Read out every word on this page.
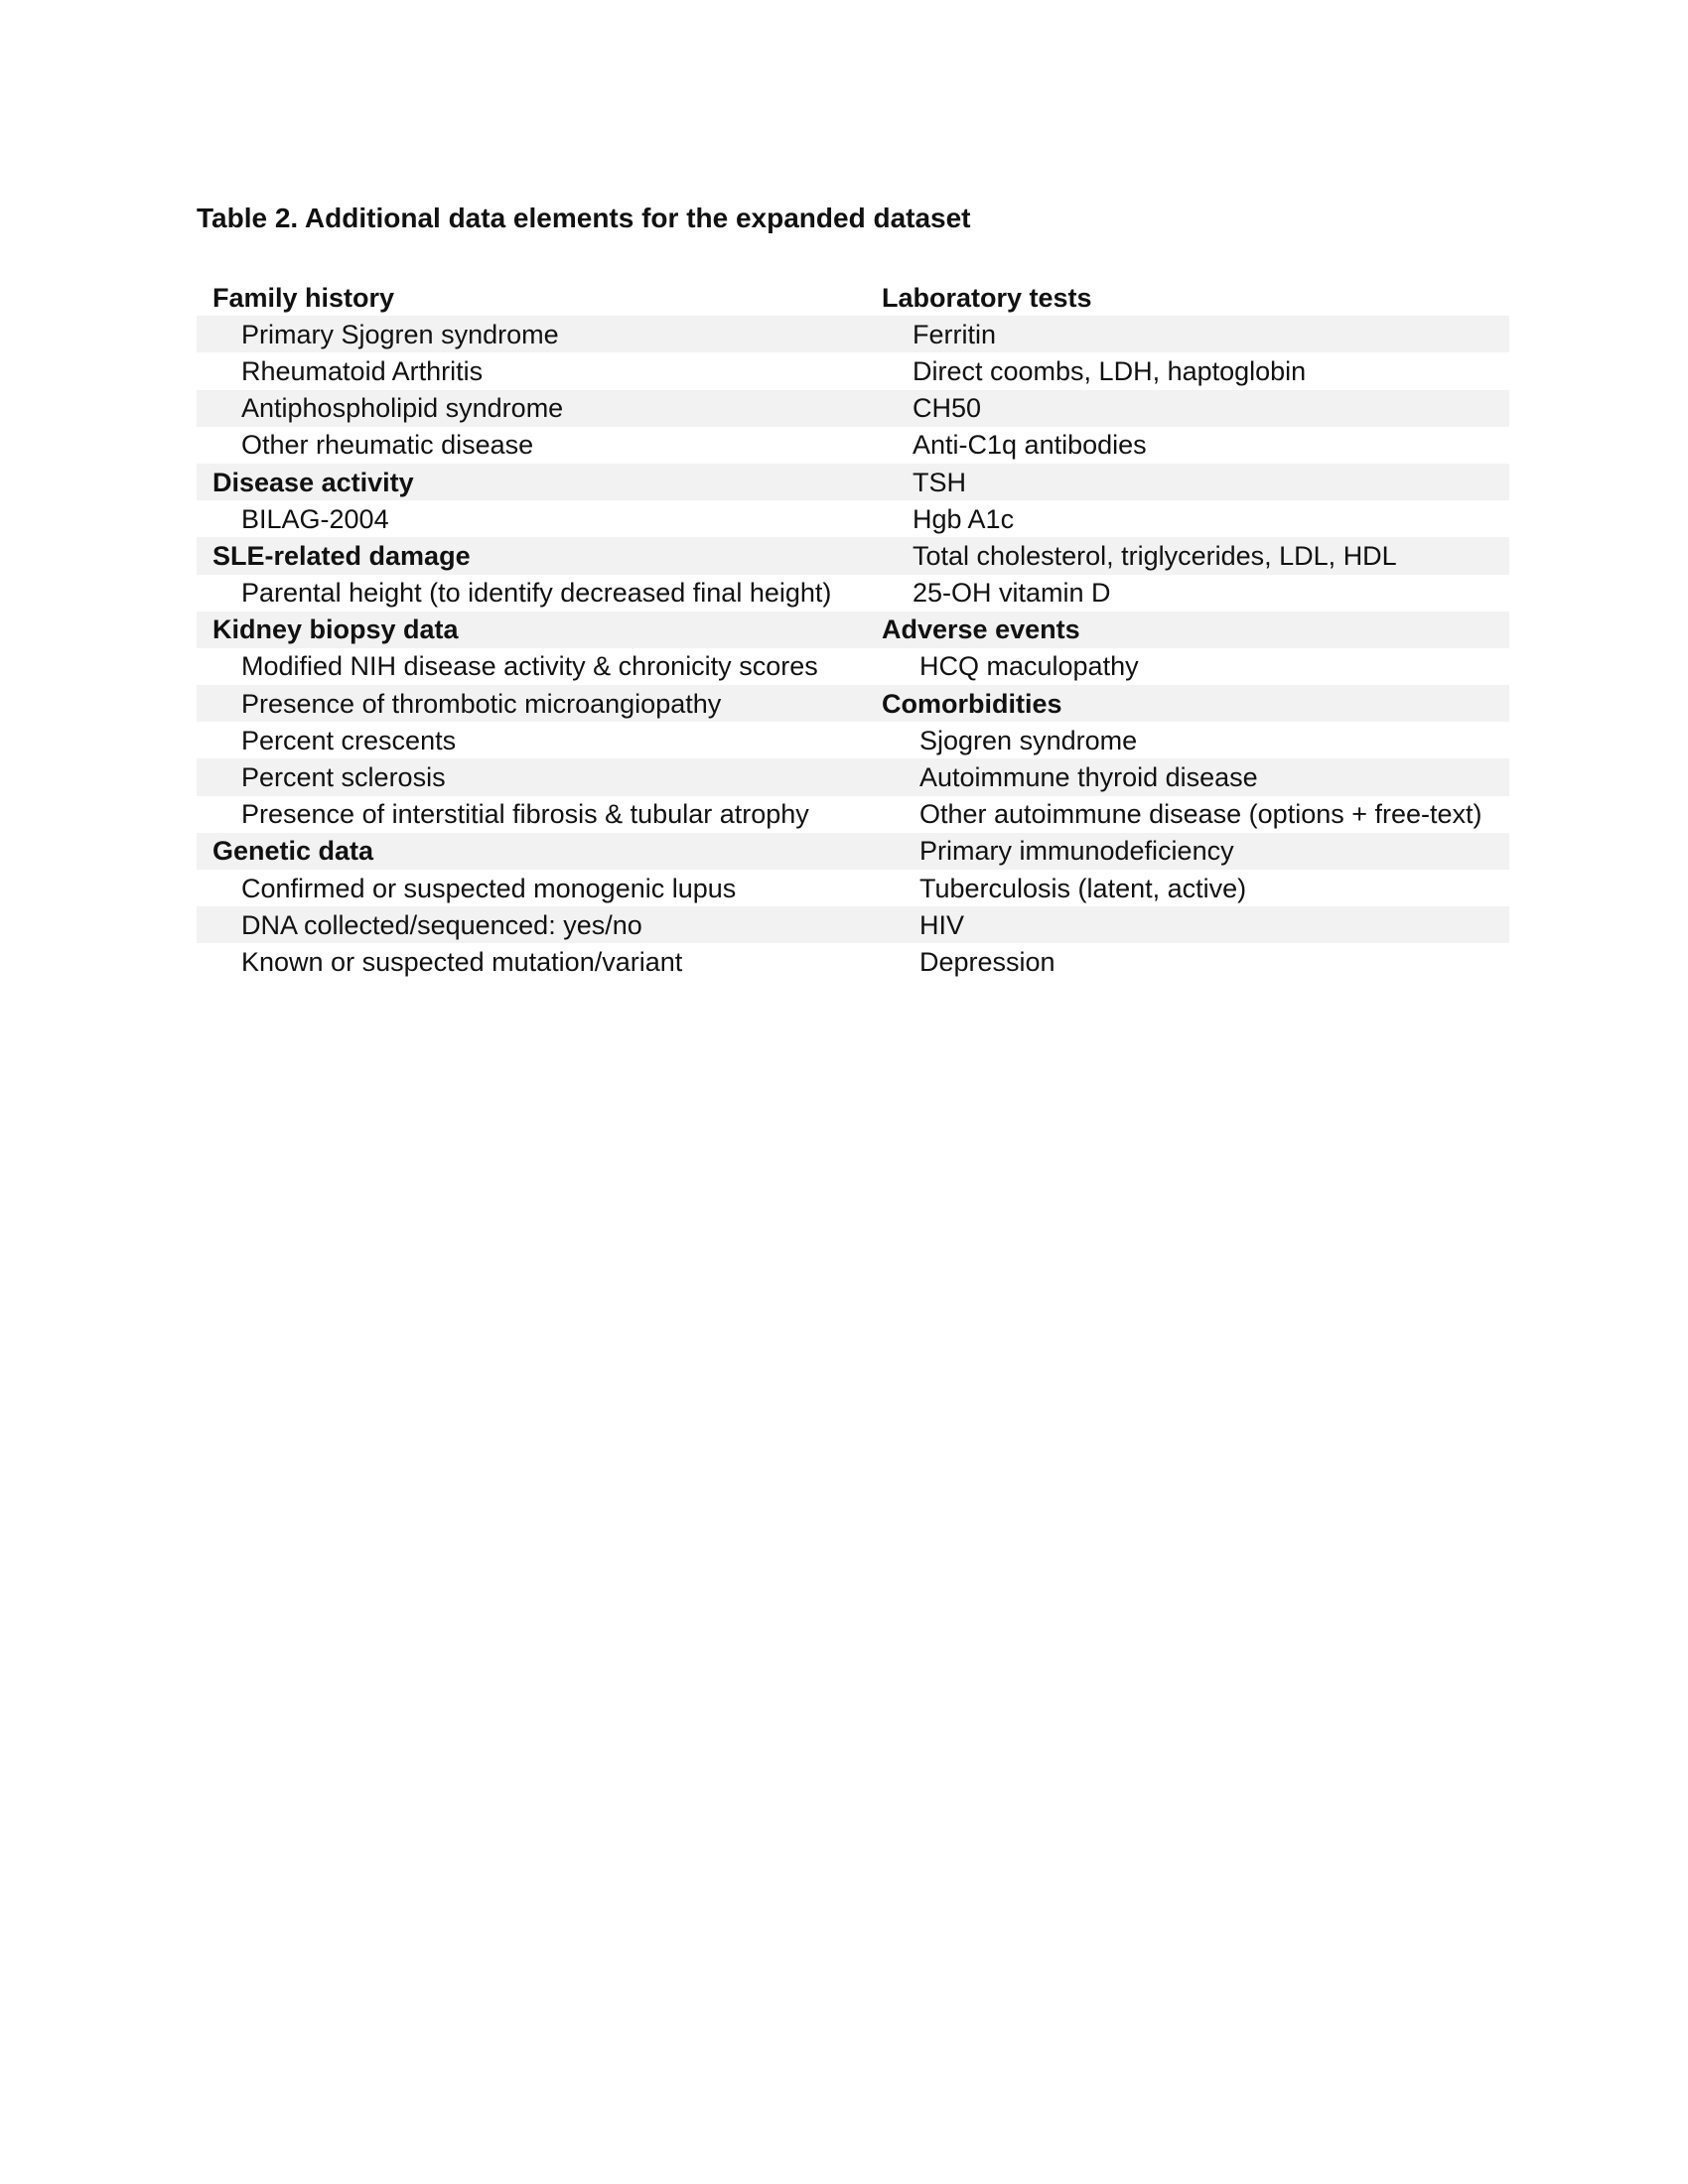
Table 2. Additional data elements for the expanded dataset
Family history	Laboratory tests
Primary Sjogren syndrome	Ferritin
Rheumatoid Arthritis	Direct coombs, LDH, haptoglobin
Antiphospholipid syndrome	CH50
Other rheumatic disease	Anti-C1q antibodies
Disease activity	TSH
BILAG-2004	Hgb A1c
SLE-related damage	Total cholesterol, triglycerides, LDL, HDL
Parental height (to identify decreased final height)	25-OH vitamin D
Kidney biopsy data	Adverse events
Modified NIH disease activity & chronicity scores	HCQ maculopathy
Presence of thrombotic microangiopathy	Comorbidities
Percent crescents	Sjogren syndrome
Percent sclerosis	Autoimmune thyroid disease
Presence of interstitial fibrosis & tubular atrophy	Other autoimmune disease (options + free-text)
Genetic data	Primary immunodeficiency
Confirmed or suspected monogenic lupus	Tuberculosis (latent, active)
DNA collected/sequenced: yes/no	HIV
Known or suspected mutation/variant	Depression
